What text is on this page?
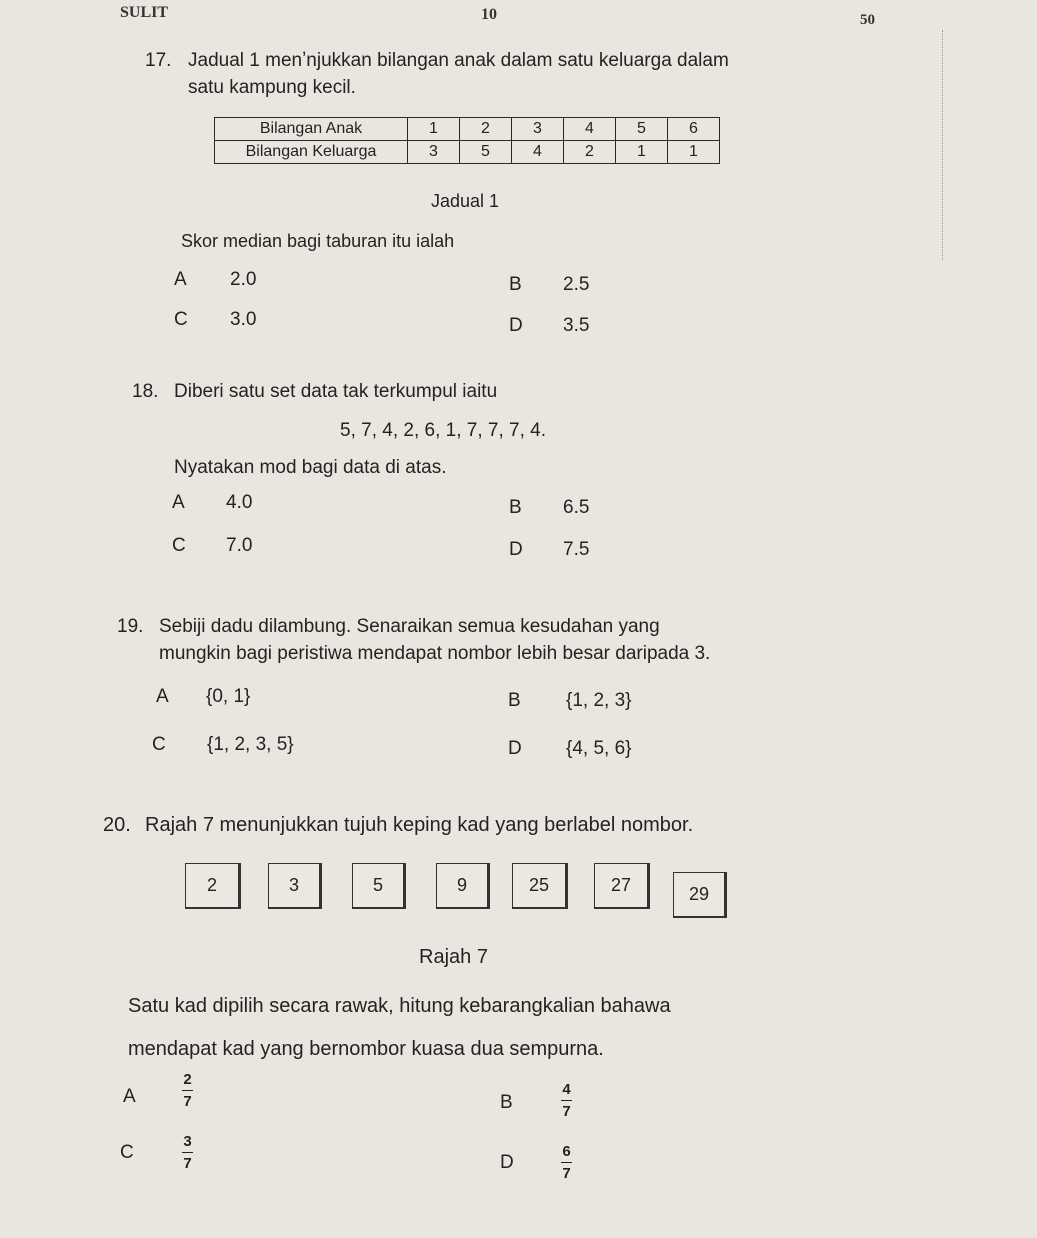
SULIT	10	50
17. Jadual 1 menʼnjukkan bilangan anak dalam satu keluarga dalam
satu kampung kecil.
Bilangan Anak	1	2	3	4	5	6
Bilangan Keluarga	3	5	4	2	1	1
Jadual 1
Skor median bagi taburan itu ialah
A 2.0	B 2.5
C 3.0	D 3.5
18. Diberi satu set data tak terkumpul iaitu
5, 7, 4, 2, 6, 1, 7, 7, 7, 4.
Nyatakan mod bagi data di atas.
A 4.0	B 6.5
C 7.0	D 7.5
19. Sebiji dadu dilambung. Senaraikan semua kesudahan yang
mungkin bagi peristiwa mendapat nombor lebih besar daripada 3.
A {0, 1}	B {1, 2, 3}
C {1, 2, 3, 5}	D {4, 5, 6}
20. Rajah 7 menunjukkan tujuh keping kad yang berlabel nombor.
2	3	5	9	25	27	29
Rajah 7
Satu kad dipilih secara rawak, hitung kebarangkalian bahawa
mendapat kad yang bernombor kuasa dua sempurna.
A
2
7	B
4
7
C
3
7	D
6
7
